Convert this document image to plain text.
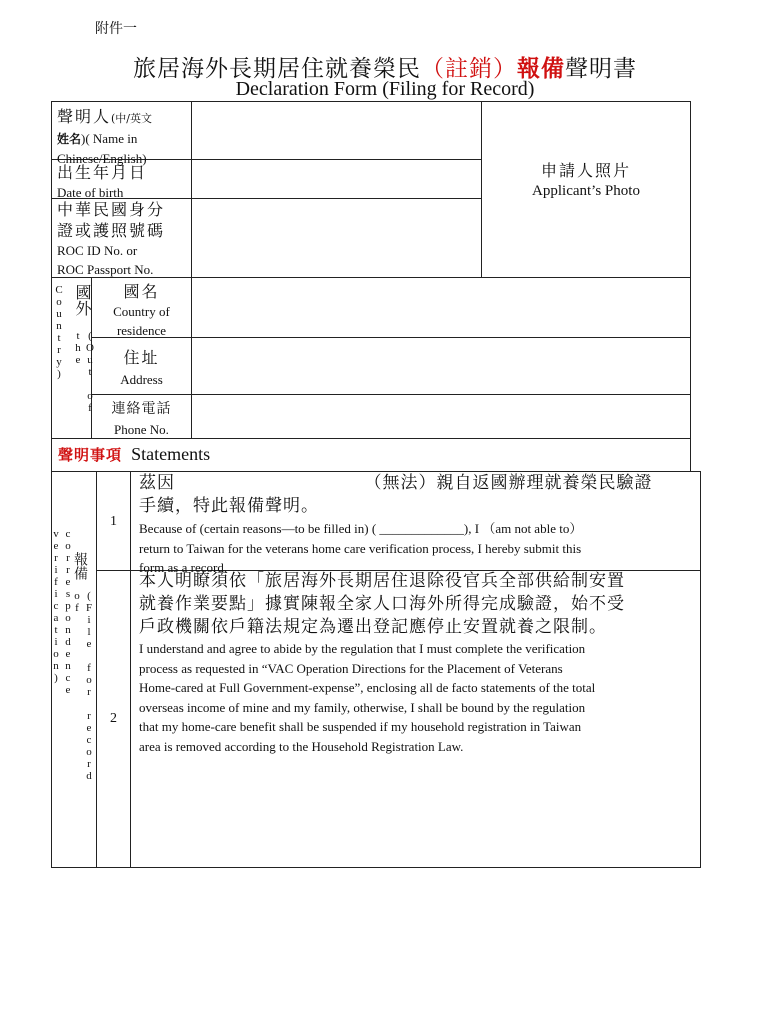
附件一
旅居海外長期居住就養榮民（註銷）報備聲明書
Declaration Form (Filing for Record)
聲明人(中/英文
姓名)( Name in
Chinese/English)
出生年月日
Date of birth
中華民國身分
證或護照號碼
ROC ID No. or
ROC Passport No.
申請人照片
Applicant’s Photo
Country) 國外
(Out of the
國名
Country of
residence
住址
Address
連絡電話
Phone No.
聲明事項 Statements
correspondence verification) 報備
(File for record of
1
茲因　　　　　　　　　　　（無法）親自返國辦理就養榮民驗證
手續，特此報備聲明。
Because of (certain reasons—to be filled in) ( _____________), I （am not able to）
return to Taiwan for the veterans home care verification process, I hereby submit this
form as a record.
2
本人明瞭須依「旅居海外長期居住退除役官兵全部供給制安置
就養作業要點」據實陳報全家人口海外所得完成驗證，始不受
戶政機關依戶籍法規定為遷出登記應停止安置就養之限制。
I understand and agree to abide by the regulation that I must complete the verification
process as requested in “VAC Operation Directions for the Placement of Veterans
Home-cared at Full Government-expense”, enclosing all de facto statements of the total
overseas income of mine and my family, otherwise, I shall be bound by the regulation
that my home-care benefit shall be suspended if my household registration in Taiwan
area is removed according to the Household Registration Law.
